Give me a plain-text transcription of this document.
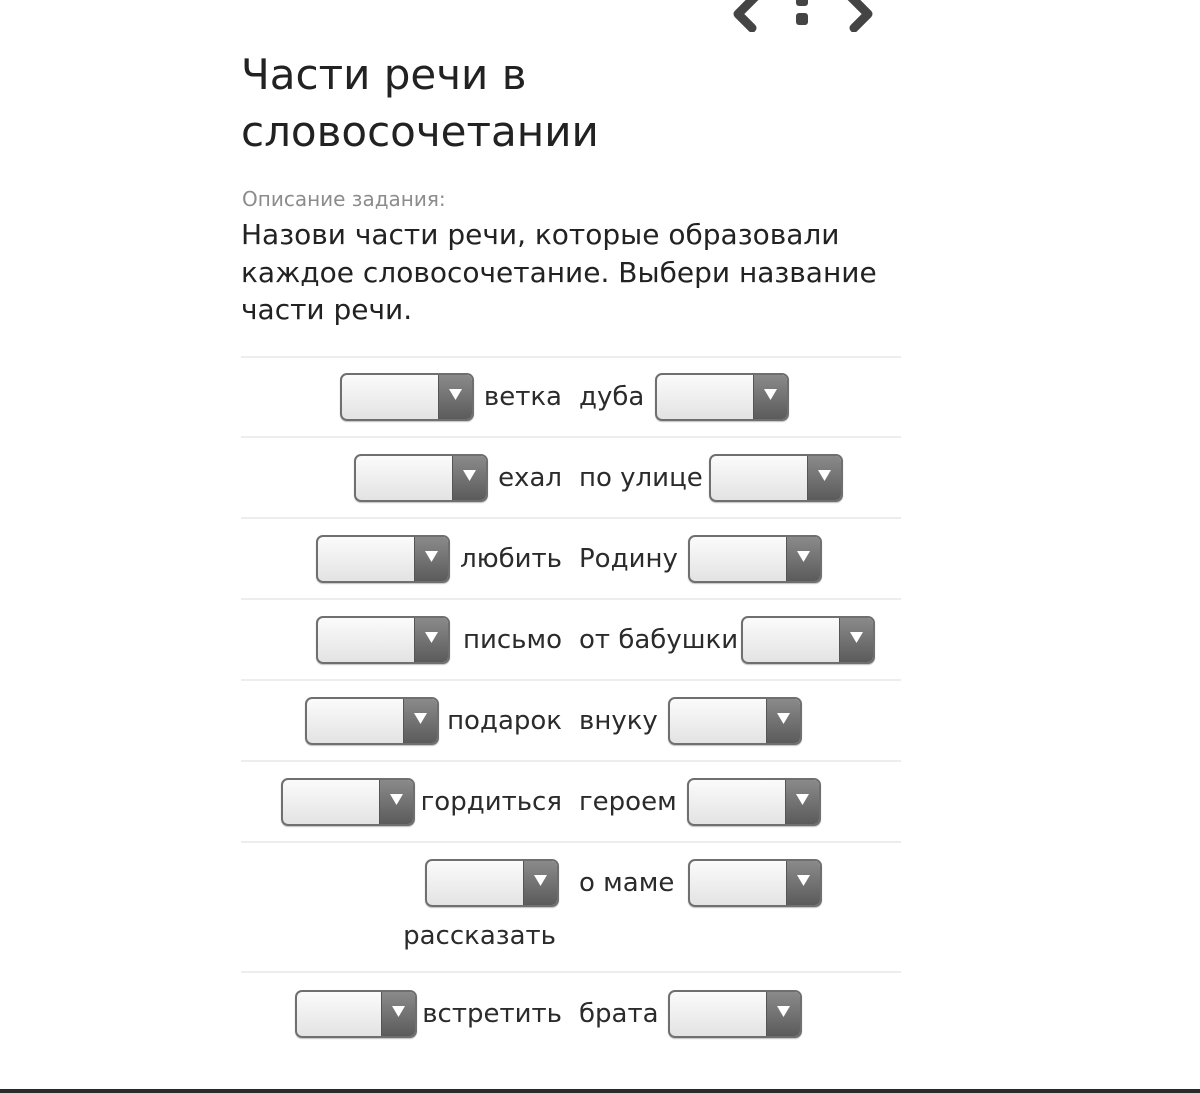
Части речи в
словосочетании
Описание задания:
Назови части речи, которые образовали каждое словосочетание. Выбери название части речи.
ветка дуба
ехал по улице
любить Родину
письмо от бабушки
подарок внуку
гордиться героем
рассказать
о маме
встретить брата
